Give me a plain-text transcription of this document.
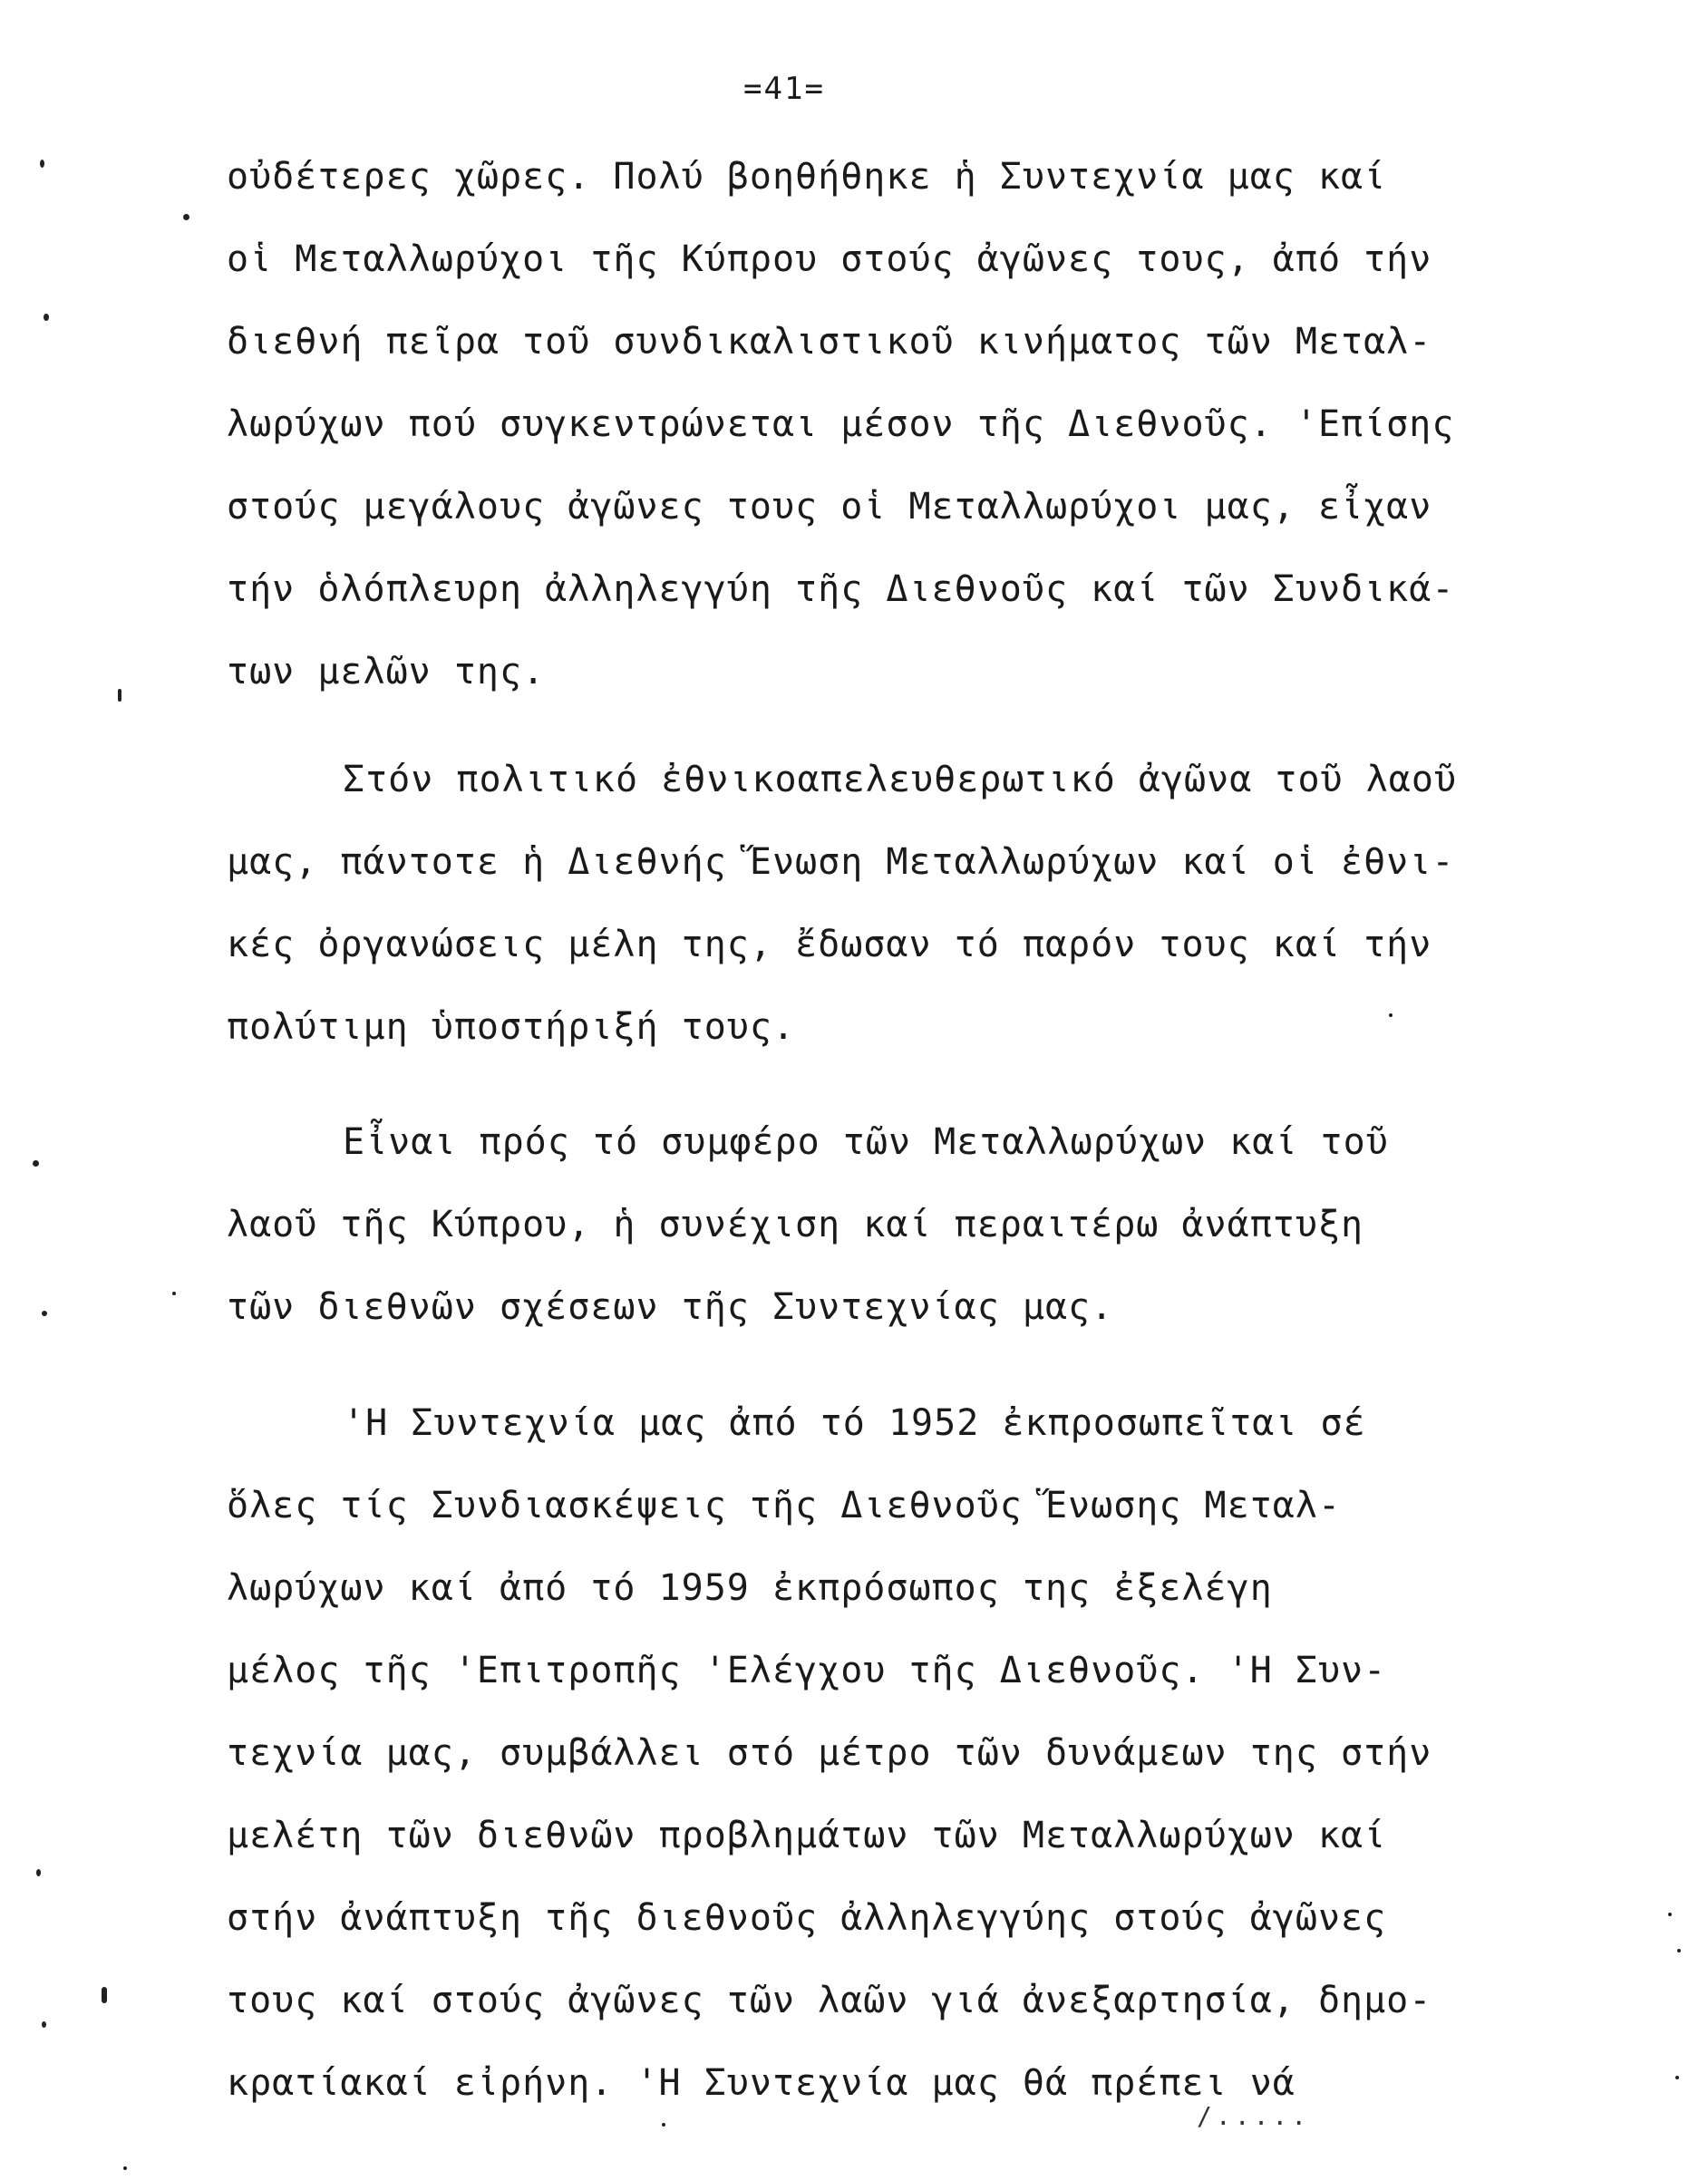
=41=
οὐδέτερες χῶρες. Πολύ βοηθήθηκε ἡ Συντεχνία μας καί
οἱ Μεταλλωρύχοι τῆς Κύπρου στούς ἀγῶνες τους, ἀπό τήν
διεθνή πεῖρα τοῦ συνδικαλιστικοῦ κινήματος τῶν Μεταλ-
λωρύχων πού συγκεντρώνεται μέσον τῆς Διεθνοῦς. 'Επίσης
στούς μεγάλους ἀγῶνες τους οἱ Μεταλλωρύχοι μας, εἶχαν
τήν ὁλόπλευρη ἀλληλεγγύη τῆς Διεθνοῦς καί τῶν Συνδικά-
των μελῶν της.
Στόν πολιτικό ἐθνικοαπελευθερωτικό ἀγῶνα τοῦ λαοῦ
μας, πάντοτε ἡ Διεθνής Ἕνωση Μεταλλωρύχων καί οἱ ἐθνι-
κές ὀργανώσεις μέλη της, ἔδωσαν τό παρόν τους καί τήν
πολύτιμη ὑποστήριξή τους.
Εἶναι πρός τό συμφέρο τῶν Μεταλλωρύχων καί τοῦ
λαοῦ τῆς Κύπρου, ἡ συνέχιση καί περαιτέρω ἀνάπτυξη
τῶν διεθνῶν σχέσεων τῆς Συντεχνίας μας.
'Η Συντεχνία μας ἀπό τό 1952 ἐκπροσωπεῖται σέ
ὅλες τίς Συνδιασκέψεις τῆς Διεθνοῦς Ἕνωσης Μεταλ-
λωρύχων καί ἀπό τό 1959 ἐκπρόσωπος της ἐξελέγη
μέλος τῆς 'Επιτροπῆς 'Ελέγχου τῆς Διεθνοῦς. 'Η Συν-
τεχνία μας, συμβάλλει στό μέτρο τῶν δυνάμεων της στήν
μελέτη τῶν διεθνῶν προβλημάτων τῶν Μεταλλωρύχων καί
στήν ἀνάπτυξη τῆς διεθνοῦς ἀλληλεγγύης στούς ἀγῶνες
τους καί στούς ἀγῶνες τῶν λαῶν γιά ἀνεξαρτησία, δημο-
κρατίακαί εἰρήνη. 'Η Συντεχνία μας θά πρέπει νά
/.....
